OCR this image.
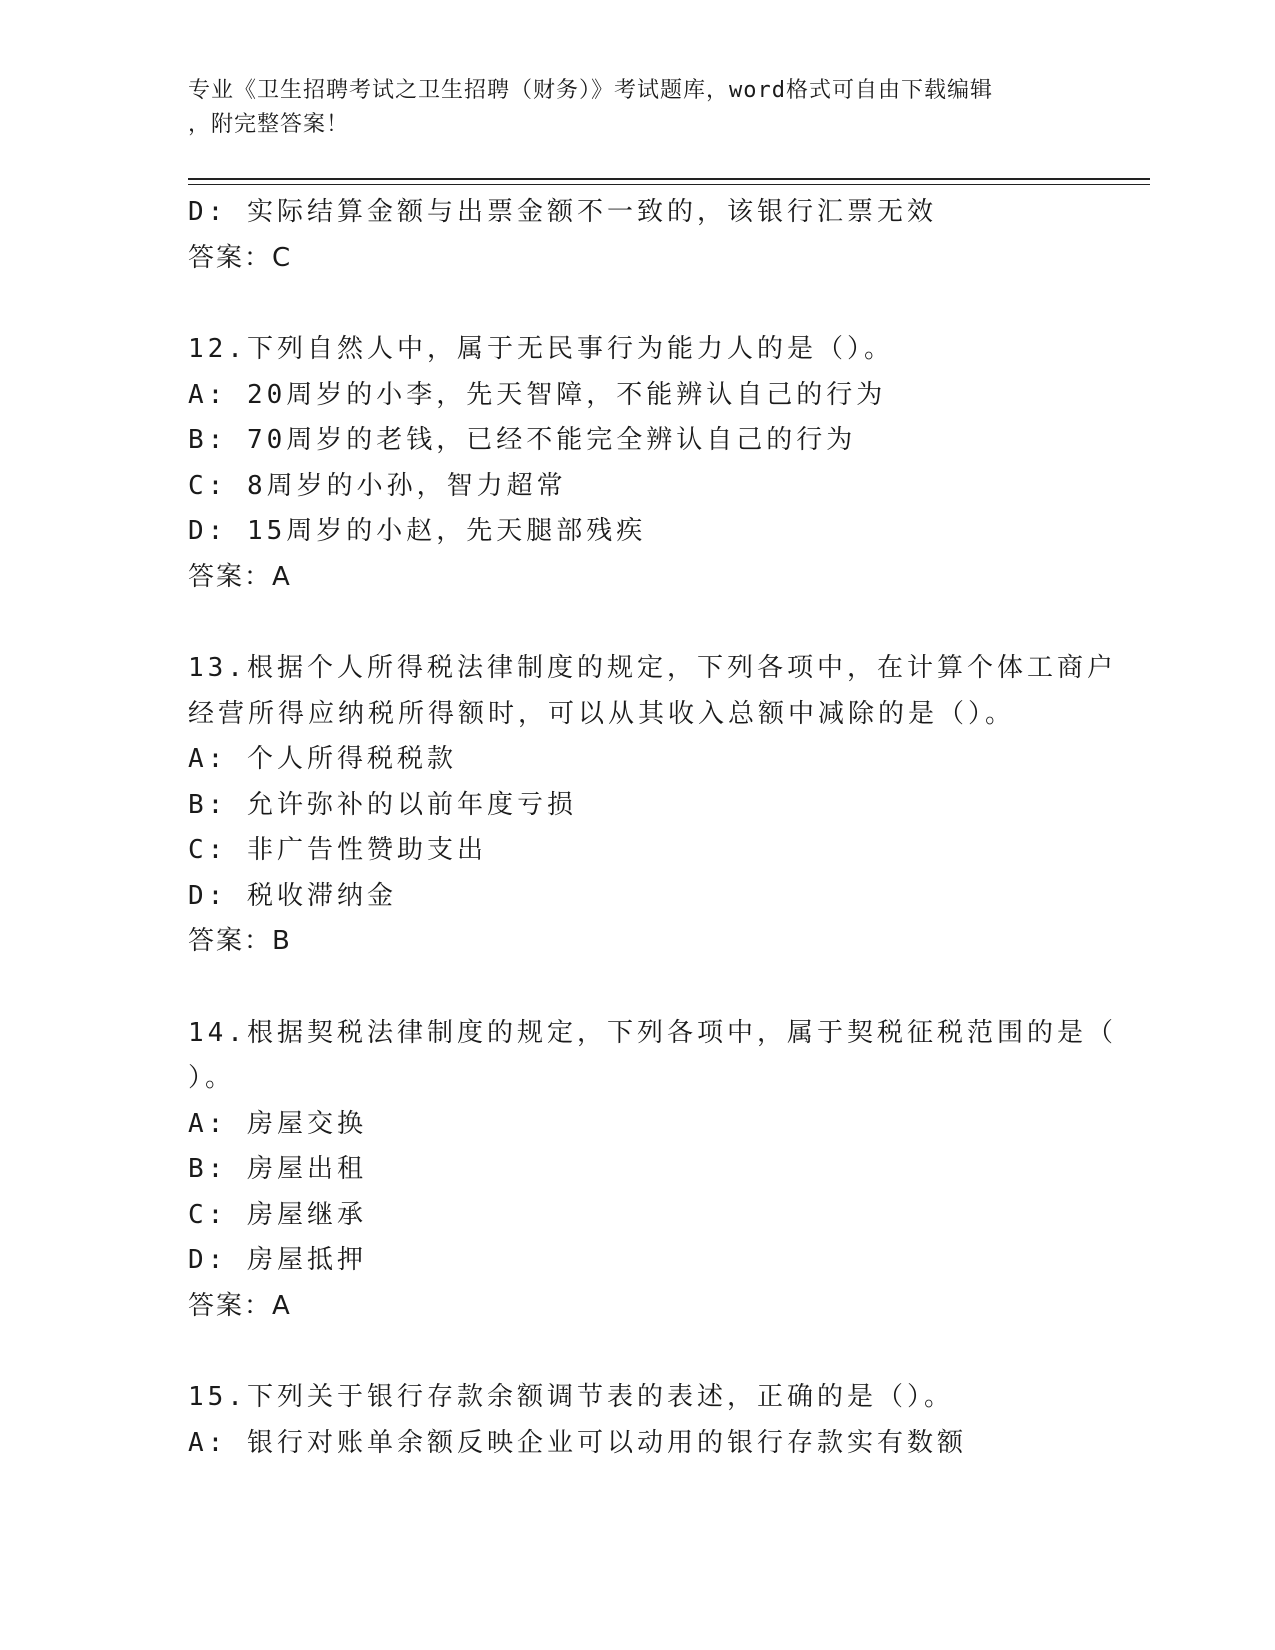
专业《卫生招聘考试之卫生招聘（财务）》考试题库，word格式可自由下载编辑
，附完整答案！
D: 实际结算金额与出票金额不一致的，该银行汇票无效
答案：C
12.下列自然人中，属于无民事行为能力人的是（）。
A: 20周岁的小李，先天智障，不能辨认自己的行为
B: 70周岁的老钱，已经不能完全辨认自己的行为
C: 8周岁的小孙，智力超常
D: 15周岁的小赵，先天腿部残疾
答案：A
13.根据个人所得税法律制度的规定，下列各项中，在计算个体工商户
经营所得应纳税所得额时，可以从其收入总额中减除的是（）。
A: 个人所得税税款
B: 允许弥补的以前年度亏损
C: 非广告性赞助支出
D: 税收滞纳金
答案：B
14.根据契税法律制度的规定，下列各项中，属于契税征税范围的是（
）。
A: 房屋交换
B: 房屋出租
C: 房屋继承
D: 房屋抵押
答案：A
15.下列关于银行存款余额调节表的表述，正确的是（）。
A: 银行对账单余额反映企业可以动用的银行存款实有数额
